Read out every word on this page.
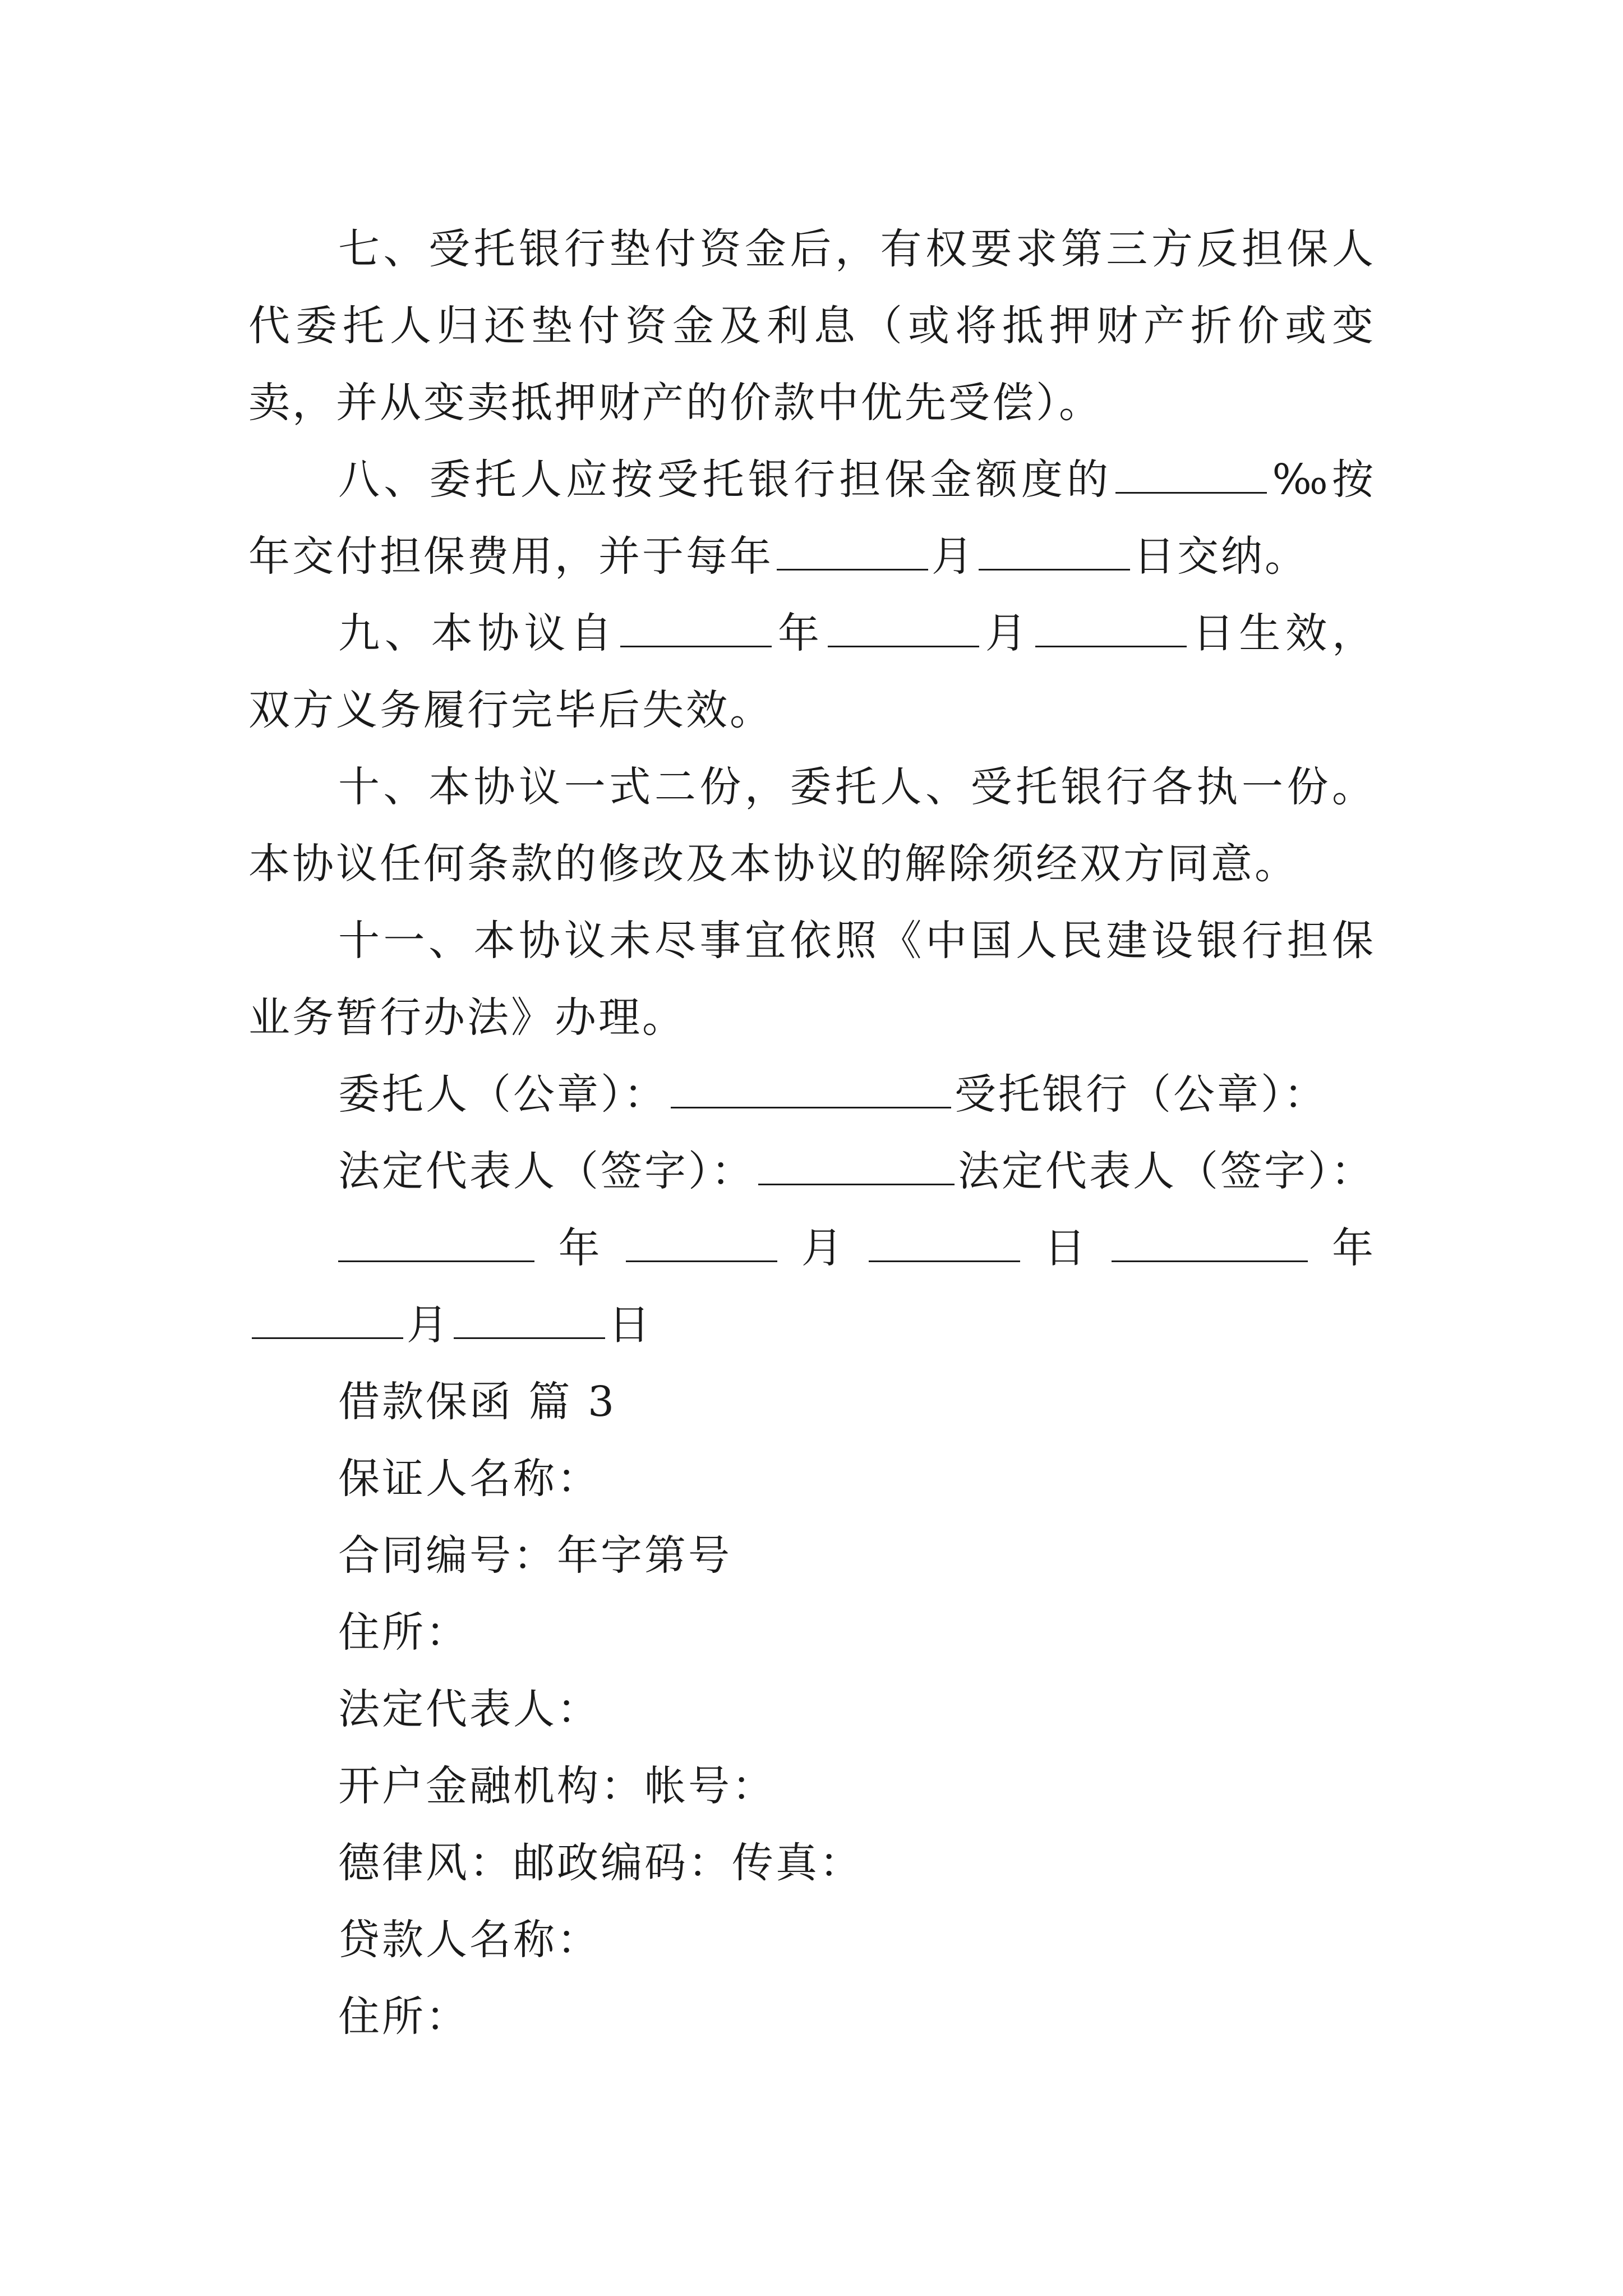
七、受托银行垫付资金后，有权要求第三方反担保人代委托人归还垫付资金及利息（或将抵押财产折价或变卖，并从变卖抵押财产的价款中优先受偿）。

八、委托人应按受托银行担保金额度的	‰按年交付担保费用，并于每年	月	日交纳。

九、本协议自	年	月	日生效，双方义务履行完毕后失效。

十、本协议一式二份，委托人、受托银行各执一份。本协议任何条款的修改及本协议的解除须经双方同意。

十一、本协议未尽事宜依照《中国人民建设银行担保业务暂行办法》办理。

委托人（公章）：	受托银行（公章）：

法定代表人（签字）：	法定代表人（签字）：

年	月	日	年月	日

借款保函 篇 3

保证人名称：

合同编号：年字第号

住所：

法定代表人：

开户金融机构：帐号：

德律风：邮政编码：传真：

贷款人名称：

住所：
